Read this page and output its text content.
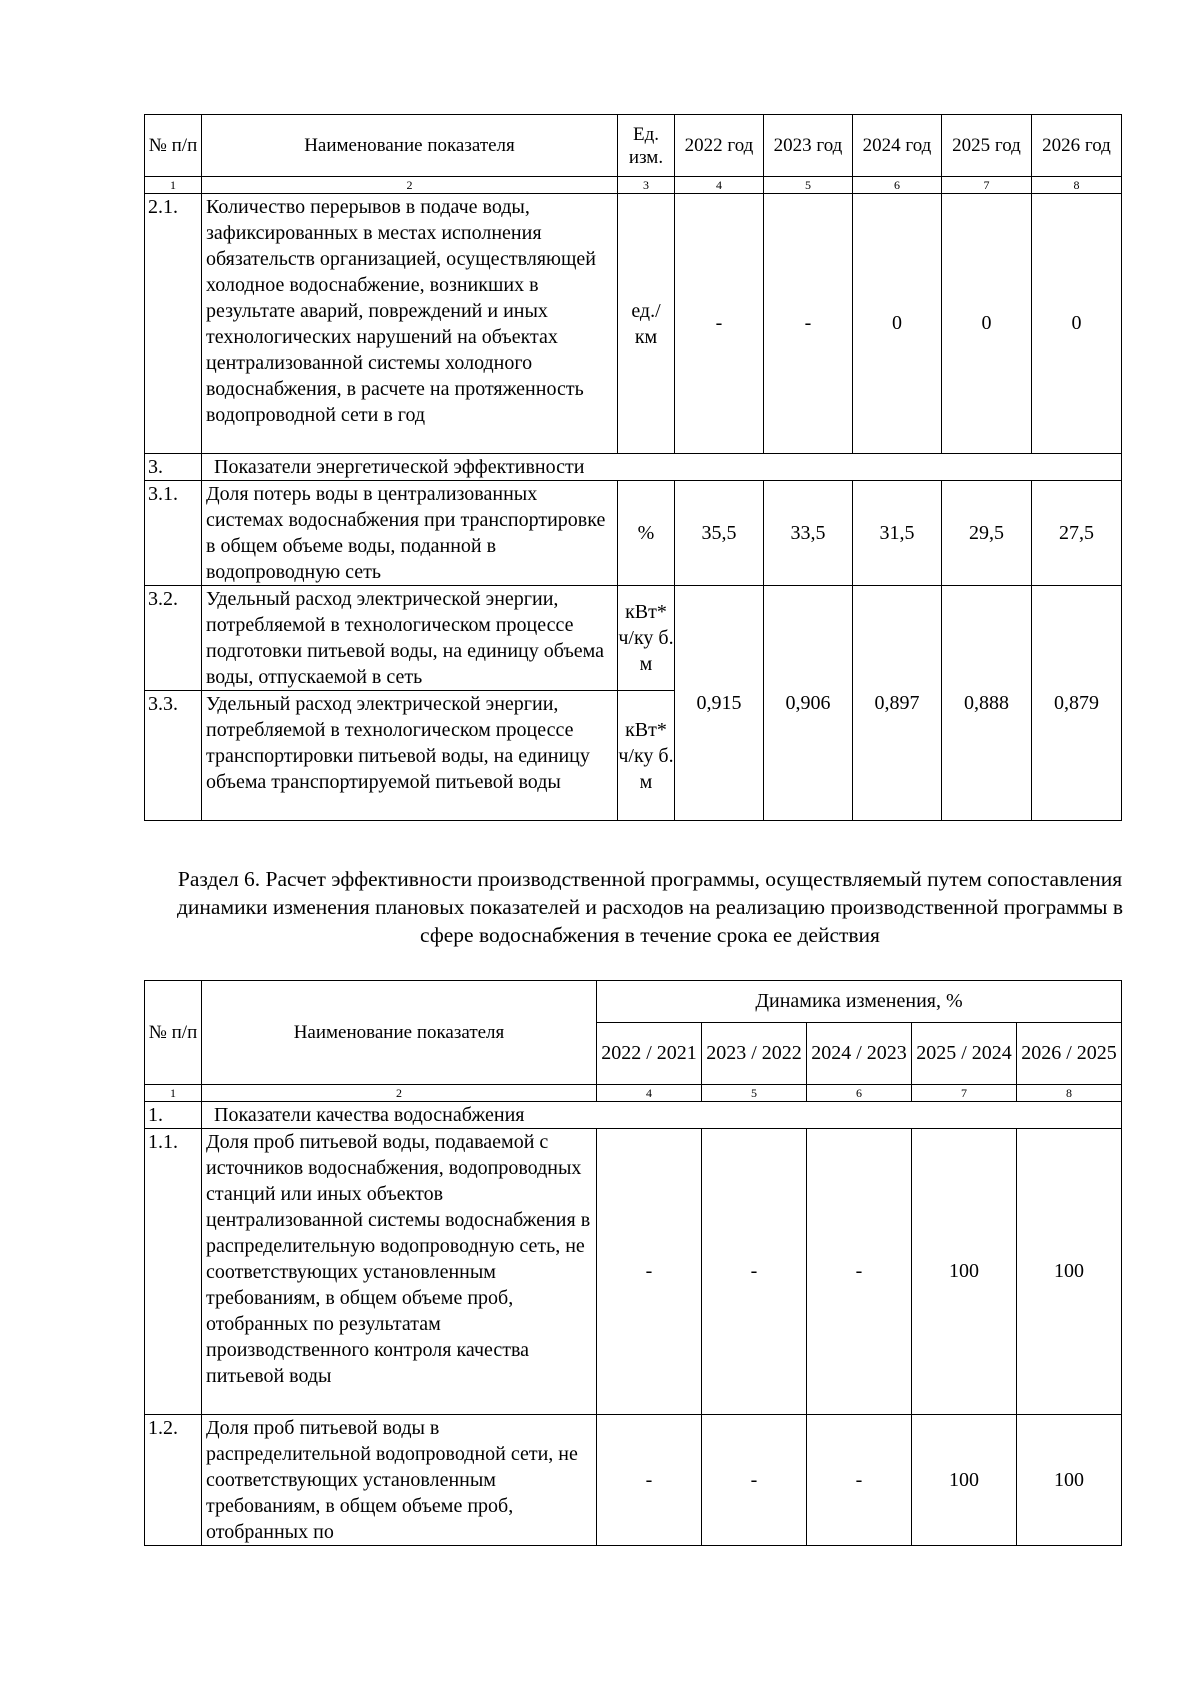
№ п/п	Наименование показателя	Ед. изм.	2022 год	2023 год	2024 год	2025 год	2026 год
1	2	3	4	5	6	7	8
2.1.	Количество перерывов в подаче воды, зафиксированных в местах исполнения обязательств организацией, осуществляющей холодное водоснабжение, возникших в результате аварий, повреждений и иных технологических нарушений на объектах централизованной системы холодного водоснабжения, в расчете на протяженность водопроводной сети в год	ед./ км	-	-	0	0	0
3.	Показатели энергетической эффективности						
3.1.	Доля потерь воды в централизованных системах водоснабжения при транспортировке в общем объеме воды, поданной в водопроводную сеть	%	35,5	33,5	31,5	29,5	27,5
3.2.	Удельный расход электрической энергии, потребляемой в технологическом процессе подготовки питьевой воды, на единицу объема воды, отпускаемой в сеть	кВт* ч/ку б. м	0,915	0,906	0,897	0,888	0,879
3.3.	Удельный расход электрической энергии, потребляемой в технологическом процессе транспортировки питьевой воды, на единицу объема транспортируемой питьевой воды	кВт* ч/ку б. м					
Раздел 6. Расчет эффективности производственной программы, осуществляемый путем сопоставления динамики изменения плановых показателей и расходов на реализацию производственной программы в сфере водоснабжения в течение срока ее действия
№ п/п	Наименование показателя	Динамика изменения, %				
		2022 / 2021	2023 / 2022	2024 / 2023	2025 / 2024	2026 / 2025
1	2	4	5	6	7	8
1.	Показатели качества водоснабжения					
1.1.	Доля проб питьевой воды, подаваемой с источников водоснабжения, водопроводных станций или иных объектов централизованной системы водоснабжения в распределительную водопроводную сеть, не соответствующих установленным требованиям, в общем объеме проб, отобранных по результатам производственного контроля качества питьевой воды	-	-	-	100	100
1.2.	Доля проб питьевой воды в распределительной водопроводной сети, не соответствующих установленным требованиям, в общем объеме проб, отобранных по	-	-	-	100	100
